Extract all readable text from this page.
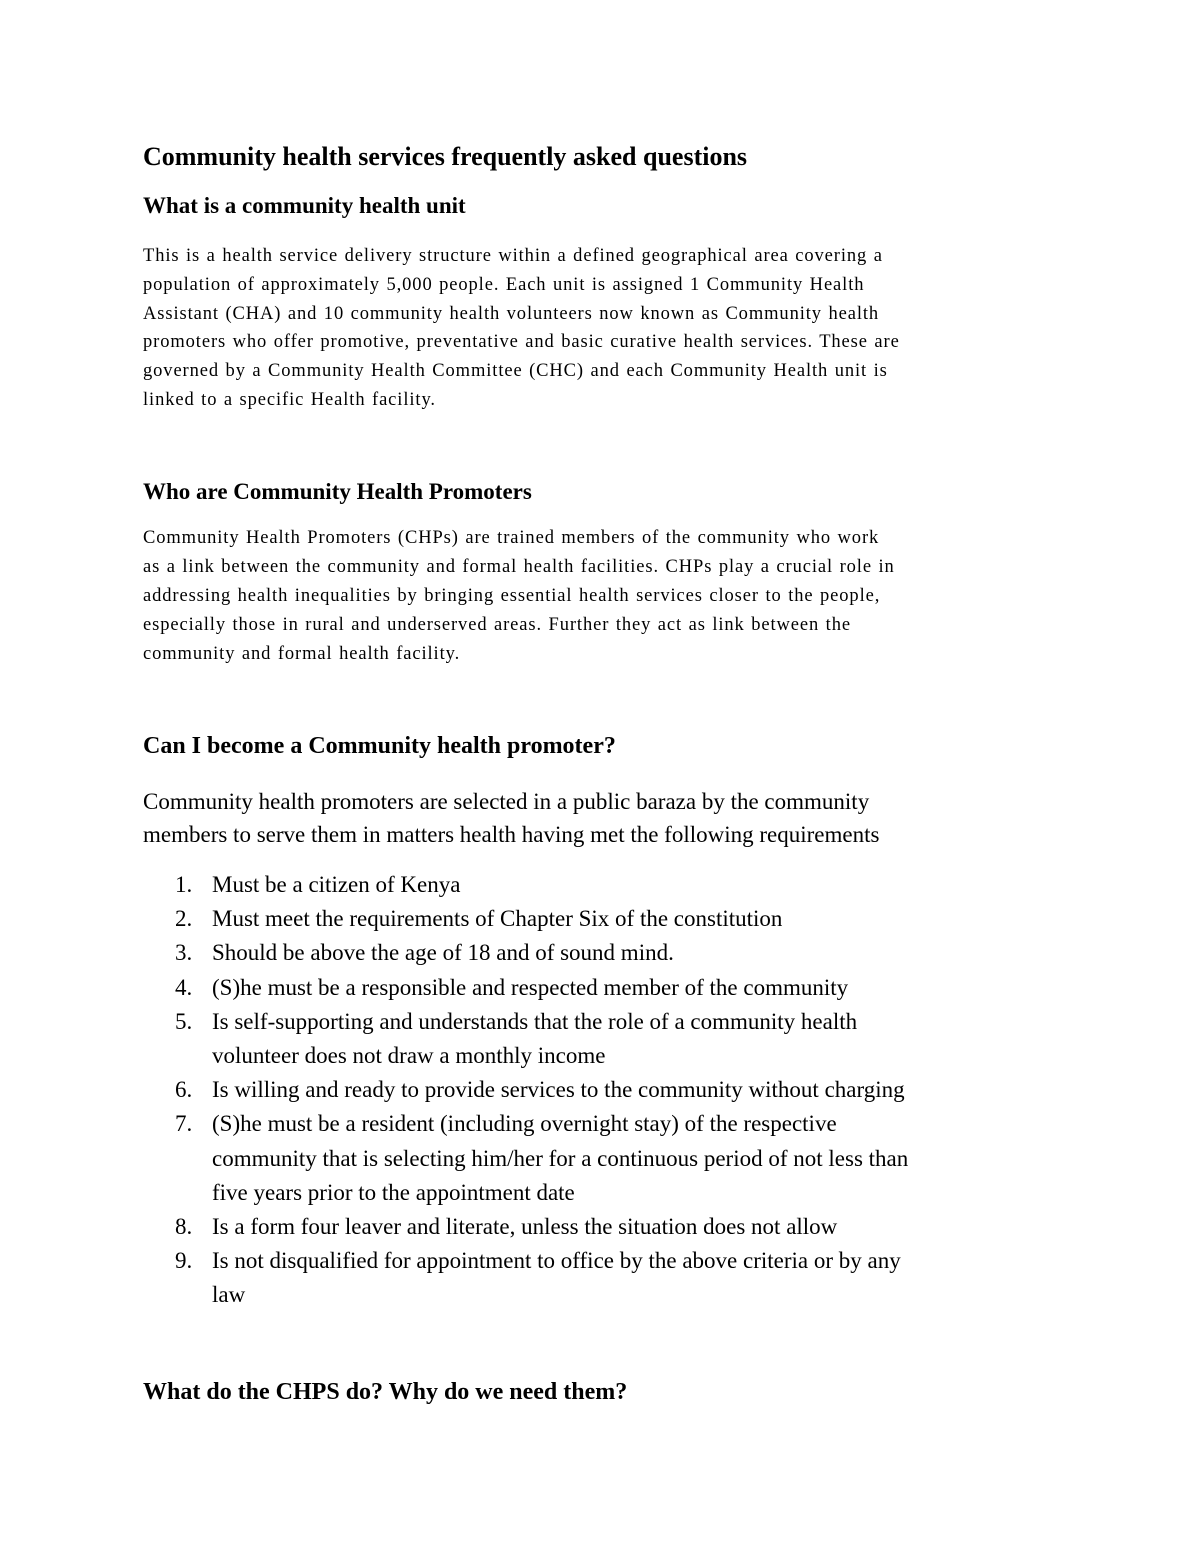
Community health services frequently asked questions
What is a community health unit
This is a health service delivery structure within a defined geographical area covering a
population of approximately 5,000 people. Each unit is assigned 1 Community Health
Assistant (CHA) and 10 community health volunteers now known as Community health
promoters who offer promotive, preventative and basic curative health services. These are
governed by a Community Health Committee (CHC) and each Community Health unit is
linked to a specific Health facility.
Who are Community Health Promoters
Community Health Promoters (CHPs) are trained members of the community who work
as a link between the community and formal health facilities. CHPs play a crucial role in
addressing health inequalities by bringing essential health services closer to the people,
especially those in rural and underserved areas. Further they act as link between the
community and formal health facility.
Can I become a Community health promoter?
Community health promoters are selected in a public baraza by the community
members to serve them in matters health having met the following requirements
1. Must be a citizen of Kenya
2. Must meet the requirements of Chapter Six of the constitution
3. Should be above the age of 18 and of sound mind.
4. (S)he must be a responsible and respected member of the community
5. Is self-supporting and understands that the role of a community health
volunteer does not draw a monthly income
6. Is willing and ready to provide services to the community without charging
7. (S)he must be a resident (including overnight stay) of the respective
community that is selecting him/her for a continuous period of not less than
five years prior to the appointment date
8. Is a form four leaver and literate, unless the situation does not allow
9. Is not disqualified for appointment to office by the above criteria or by any
law
What do the CHPS do? Why do we need them?
